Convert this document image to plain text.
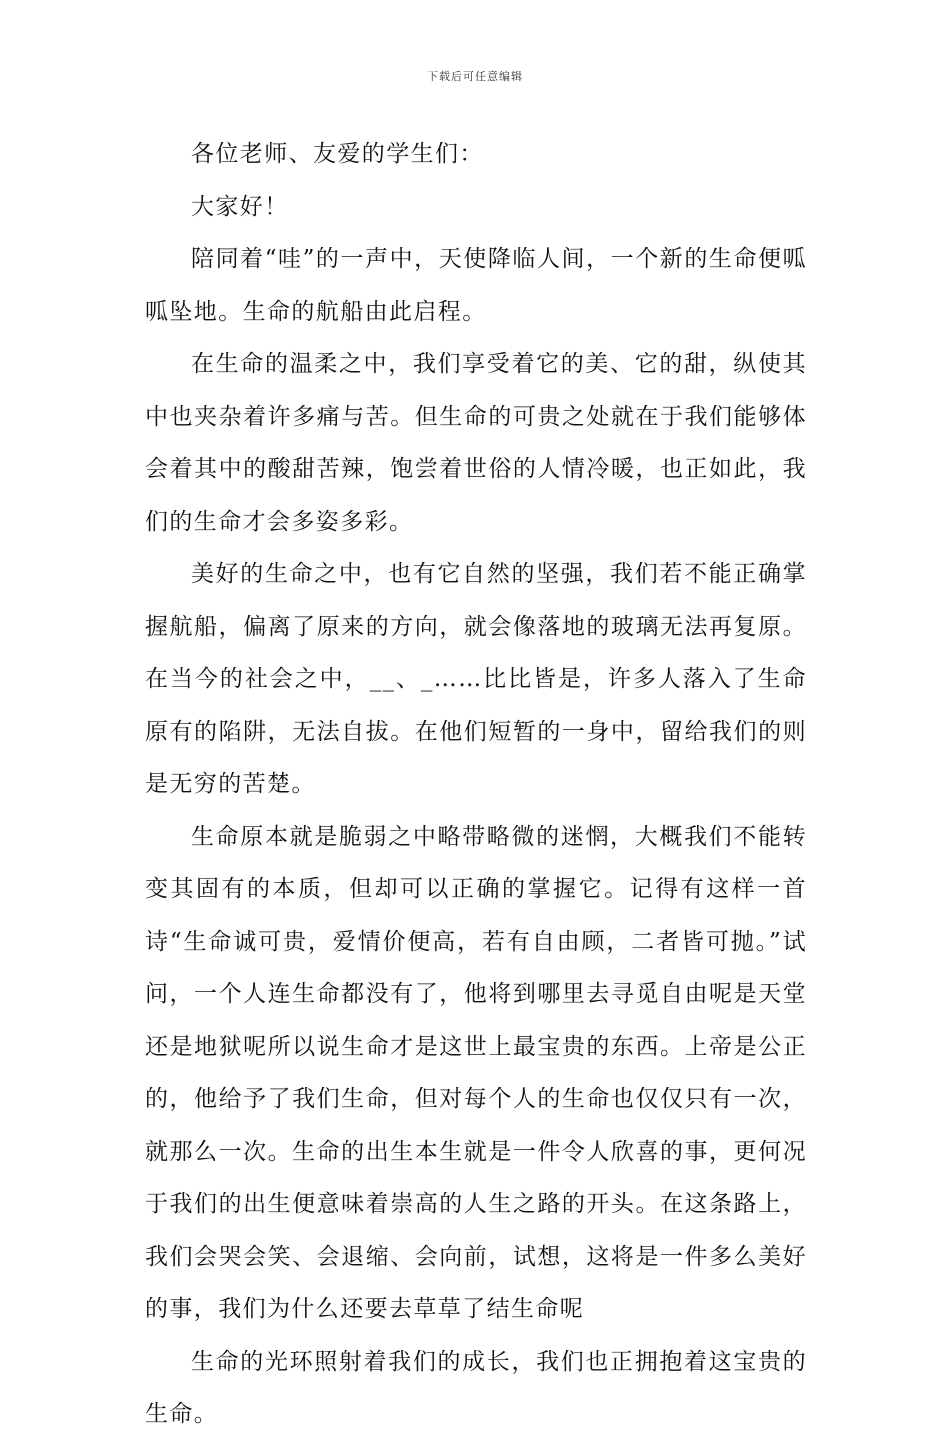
下载后可任意编辑

各位老师、友爱的学生们：

大家好！

陪同着“哇”的一声中，天使降临人间，一个新的生命便呱呱坠地。生命的航船由此启程。

在生命的温柔之中，我们享受着它的美、它的甜，纵使其中也夹杂着许多痛与苦。但生命的可贵之处就在于我们能够体会着其中的酸甜苦辣，饱尝着世俗的人情冷暖，也正如此，我们的生命才会多姿多彩。

美好的生命之中，也有它自然的坚强，我们若不能正确掌握航船，偏离了原来的方向，就会像落地的玻璃无法再复原。在当今的社会之中，__、_……比比皆是，许多人落入了生命原有的陷阱，无法自拔。在他们短暂的一身中，留给我们的则是无穷的苦楚。

生命原本就是脆弱之中略带略微的迷惘，大概我们不能转变其固有的本质，但却可以正确的掌握它。记得有这样一首诗“生命诚可贵，爱情价便高，若有自由顾，二者皆可抛。”试问，一个人连生命都没有了，他将到哪里去寻觅自由呢是天堂还是地狱呢所以说生命才是这世上最宝贵的东西。上帝是公正的，他给予了我们生命，但对每个人的生命也仅仅只有一次，就那么一次。生命的出生本生就是一件令人欣喜的事，更何况于我们的出生便意味着崇高的人生之路的开头。在这条路上，我们会哭会笑、会退缩、会向前，试想，这将是一件多么美好的事，我们为什么还要去草草了结生命呢

生命的光环照射着我们的成长，我们也正拥抱着这宝贵的生命。
